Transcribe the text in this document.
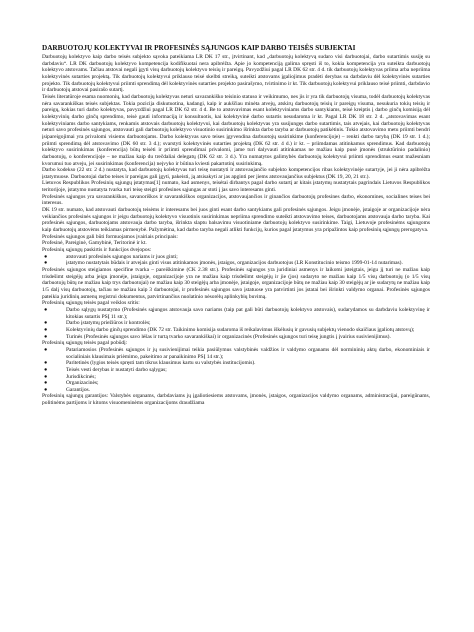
DARBUOTOJŲ KOLEKTYVAI IR PROFESINĖS SĄJUNGOS KAIP DARBO TEISĖS SUBJEKTAI

Darbuotojų kolektyvo kaip darbo teisės subjekto sąvoka pateikiama LR DK 17 str., įtvirtinant, kad „darbuotojų kolektyvą sudaro visi darbuotojai, darbo sutartimis susiję su darbdaviu“. LR DK darbuotojų kolektyvo kompetencija kodifikuotai nera apibrėžta. Apie jo kompetenciją galima spręsti iš to, kokia kompetencija yra suteikta darbuotojų kolektyvo atstovams. Tačiau atstovai negali įgyti visų darbuotojų kolektyvo teisių ir pareigų. Pavyzdžiui pagal LR DK 62 str. 4 d. tik darbuotojų kolektyvas priima arba nepriima kolektyvinės sutarties projektą. Tik darbuotojų kolektyvui priklauso teisė skelbti streiką, suteikti atstovams įgaliojimus pradėti derybas su darbdaviu dėl kolektyvinės sutarties projekto. Tik darbuotojų kolektyvui priimti sprendimą dėl kolektyvinės sutarties projekto pasirašymo, tvirtinimo ir kt. Tik darbuotojų kolektyvui priklauso teisė priimti, darbdavio ir darbuotojų atstovai pasirašo sutartį.

Teisės literatūroje esama nuomonių, kad darbuotojų kolektyvas neturi savarankiško teisinio statuso ir veikimumo, nes jis ir yra tik darbuotojų visuma, todėl darbuotojų kolektyvas nėra savarankiškas teisės subjektas. Tokia pozicija diskutuotina, kadangi, kaip ir aukščiau minėta atvejų, atskirų darbuotojų teisių ir pareigų visuma, nesukuria tokių teisių ir pareigų, kokias turi darbo kolektyvas, pavyzdžiui pagal LR DK 62 str. 4 d. Be to atstovavimas esant kolektyviniams darbo santykiams, teisė kreiptis į darbo ginčų komisiją dėl kolektyvinių darbo ginčų sprendimo, teisė gauti informaciją ir konsultuotis, kai kolektyvinė darbo sutartis nesudaroma ir kt. Pagal LR DK 18 str. 2 d. „atstovavimas esant kolektyviniams darbo santykiams, renkamis atstovais darbuotojų kolektyvui, kai darbuotojų kolektyvas yra susijungęs darbo sutartimis, tais atvejais, kai darbuotojų kolektyvas neturi savo profesinės sąjungos, atstovauti gali darbuotojų kolektyvo visuotinio susirinkimo išrinkta darbo taryba ar darbuotojų patikėtinis. Tokio atstovavimo metu priimti bendri įsipareigojimai yra privalomi visiems darbuotojams. Darbo kolektyvas savo teises įgyvendina darbuotojų susirinkime (konferencijoje) – renkti darbo tarybą (DK 19 str. 1 d.); priimti sprendimą dėl atstovavimo (DK 60 str. 3 d.); svarstyti kolektyvinės sutarties projektą (DK 62 str. 4 d.) ir kt. – priimdamas atitinkamus sprendimus. Kad darbuotojų kolektyvo susirinkimas (konferencija) būtų teisėti ir priimti sprendimai privalomi, jame turi dalyvauti atitinkamas ne mažiau kaip pusė įmonės (struktūrinio padalinio) darbuotojų, o konferencijoje – ne mažiau kaip du trečdaliai delegatų (DK 62 str. 3 d.). Yra numatytos galimybės darbuotojų kolektyvui priimti sprendimus esant mažesniam kvorumui tuo atveju, jei susirinkimas (konferencija) neįvyko ir būtina kviesti pakartotinį susirinkimą.

Darbo kodekso (22 str. 2 d.) nustatyta, kad darbuotojų kolektyvas turi teisę nustatyti ir atstovaujančio subjekto kompetencijos ribas kolektyvinėje sutartyje, jei ji nėra apibrėžta įstatymuose. Darbuotojai darbo teises ir pareigas gali įgyti, pakeisti, ją atsisakyti ar jas apginti per jiems atstovaujančius subjektus (DK 19, 20, 21 str.).

Lietuvos Respublikos Profesinių sąjungų įstatymas[1] numato, kad asmenys, teisėtai dirbantys pagal darbo sutartį ar kitais įstatymų nustatytais pagrindais Lietuvos Respublikos teritorijoje, įstatymo nustatyta tvarka turi teisę steigti profesines sąjungas ar stoti į jas savo interesams ginti.

Profesinės sąjungos yra savarankiškos, savanoriškos ir savarankiškos organizacijos, atstovaujančios ir ginančios darbuotojų profesines darbo, ekonomines, socialines teises bei interesus.

DK 19 str. numato, kad atstovauti darbuotojų teisėms ir interesams bei juos ginti esant darbo santykiams gali profesinės sąjungos. Jeigu įmonėje, įstaigoje ar organizacijoje nėra veikiančios profesinės sąjungos ir jeigu darbuotojų kolektyvo visuotinis susirinkimas nepriima sprendimo suteikti atstovavimo teises, darbuotojams atstovauja darbo taryba. Kai profesinės sąjungos, darbuotojams atstovauja darbo taryba, išrinkta slaptu balsavimu visuotiniame darbuotojų kolektyvo susirinkime. Taigi, Lietuvoje profesinėms sąjungoms kaip darbuotojų atstovėms teikiamas pirmenybė. Pažymėtina, kad darbo taryba negali atlikti funkcijų, kurios pagal įstatymus yra pripažintos kaip profesinių sąjungų prerogatyva.

Profesinės sąjungos gali būti formuojamos įvairiais principais:

Profesinė, Pareiginė, Gamybinė, Teritorinė ir kt.

Profesinių sąjungų paskirtis ir funkcijos dvejopos:

●	atstovauti profesinės sąjungos nariams ir juos ginti;
●	įstatymo nustatytais būdais ir atvejais ginti visus atitinkamos įmonės, įstaigos, organizacijos darbuotojus (LR Konstitucinio teismo 1999-01-14 nutarimas).

Profesinės sąjungos steigiamos specifine tvarka – pareiškimine (CK 2.38 str.). Profesinės sąjungos yra juridiniai asmenys ir laikomi įsteigtais, jeigu jį turi ne mažiau kaip trisdešimt steigėjų arba jeigu įmonėje, įstaigoje, organizacijoje yra ne mažiau kaip trisdešimt steigėjų ir jie (jos) sudaryto ne mažiau kaip 1/5 visų darbuotojų (o 1/5 visų darbuotojų būtų ne mažiau kaip trys darbuotojai) ne mažiau kaip 30 steigėjų arba įmonėje, įstaigoje, organizacijoje būtų ne mažiau kaip 30 steigėjų ar jie sudarytų ne mažiau kaip 1/5 dalį visų darbuotojų, tačiau ne mažiau kaip 3 darbuotojai, ir profesinės sąjungos savo įstatuose yra patvirtinti jos įstatai bei išrinkti valdymo organai. Profesinės sąjungos pateikia juridinių asmenų registrui dokumentus, patvirtinančius nuolatinio nėsorėlų aplinkybių buvimą.

Profesinių sąjungų teisės pagal veiklos sritis:

●	Darbo sąlygų nustatymo (Profesinės sąjungos atstovauja savo nariams (taip pat gali būti darbuotojų kolektyvo atstovais), sudarydamos su darbdaviu kolektyvinę ir kitokias sutartis PSĮ 11 str.);
●	Darbo įstatymų priežiūros ir kontrolės;
●	Kolektyvinių darbo ginčų sprendimo (DK 72 str. Taikinimo komisija sudaroma iš reikalavimus iškėlusių ir gavusių subjektų vienodo skaičiaus įgaliotų atstovų);
●	Turinės (Profesinės sąjungos savo lėšas ir turtą tvarko savarankiškai) ir organizacinės (Profesinės sąjungos turi teisę jungtis į įvairius susivienijimus).

Profesinių sąjungų teisės pagal pobūdį:

●	Patariamosios (Profesinės sąjungos ir jų susivienijimai teikia pasiūlymus valstybinės valdžios ir valdymo organams dėl normininių aktų darbo, ekonominiais ir socialiniais klausimais priėmimo, pakeitimo ar panaikinimo PSĮ 14 str.);
●	Paritetinės (lygios teisės spręsti tam tikrus klausimus kartu su valstybės institucijomis).
●	Teisės vesti derybas ir nustatyti darbo sąlygas;
●	Jurisdikcinės;
●	Organizacinės;
●	Garantijos.

Profesinių sąjungų garantijos: Valstybės organams, darbdaviams jų įgaliotiesiems atstovams, įmonės, įstaigos, organizacijos valdymo organams, administracijai, pareigūnams, politinėms partijoms ir kitoms visuomeninėms organizacijoms draudžiama
